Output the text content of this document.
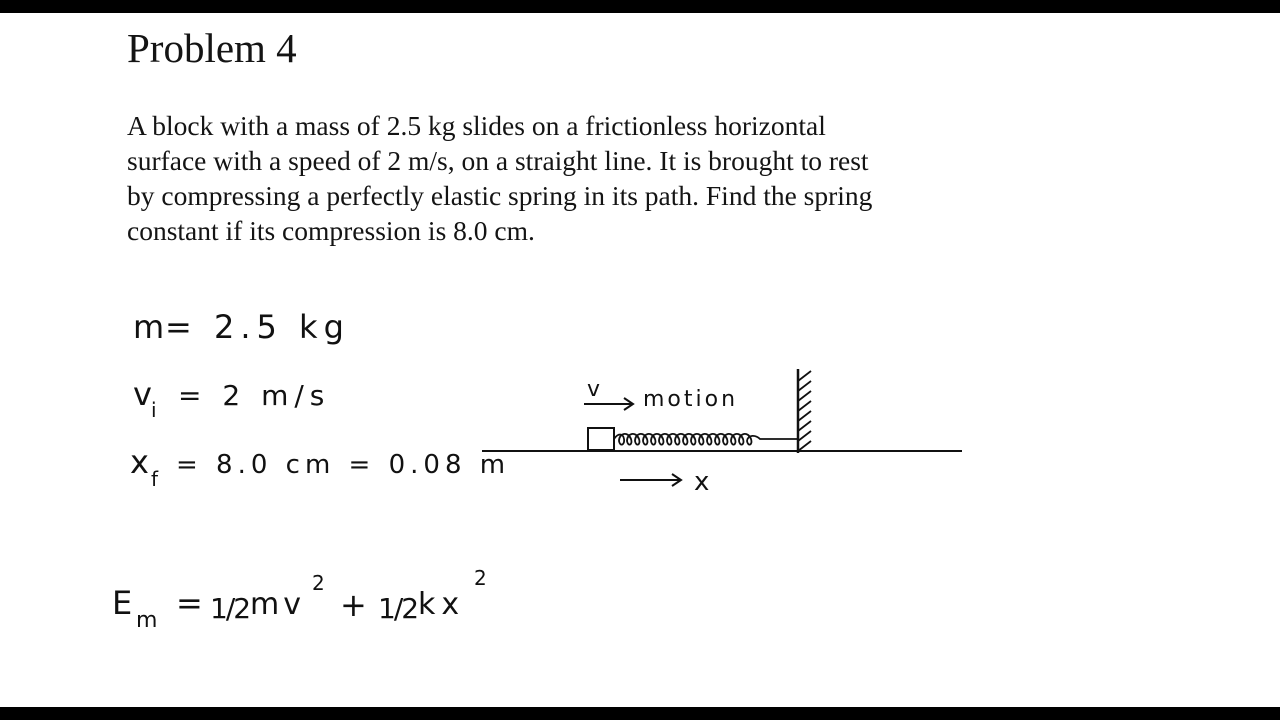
Problem 4
A block with a mass of 2.5 kg slides on a frictionless horizontal
surface with a speed of 2 m/s, on a straight line. It is brought to rest
by compressing a perfectly elastic spring in its path. Find the spring
constant if its compression is 8.0 cm.
m = 2.5 kg
v i = 2 m/s
x f = 8.0 cm = 0.08 m
v motion
x
E m = 1/2 mv
2
+ 1/2 kx
2
